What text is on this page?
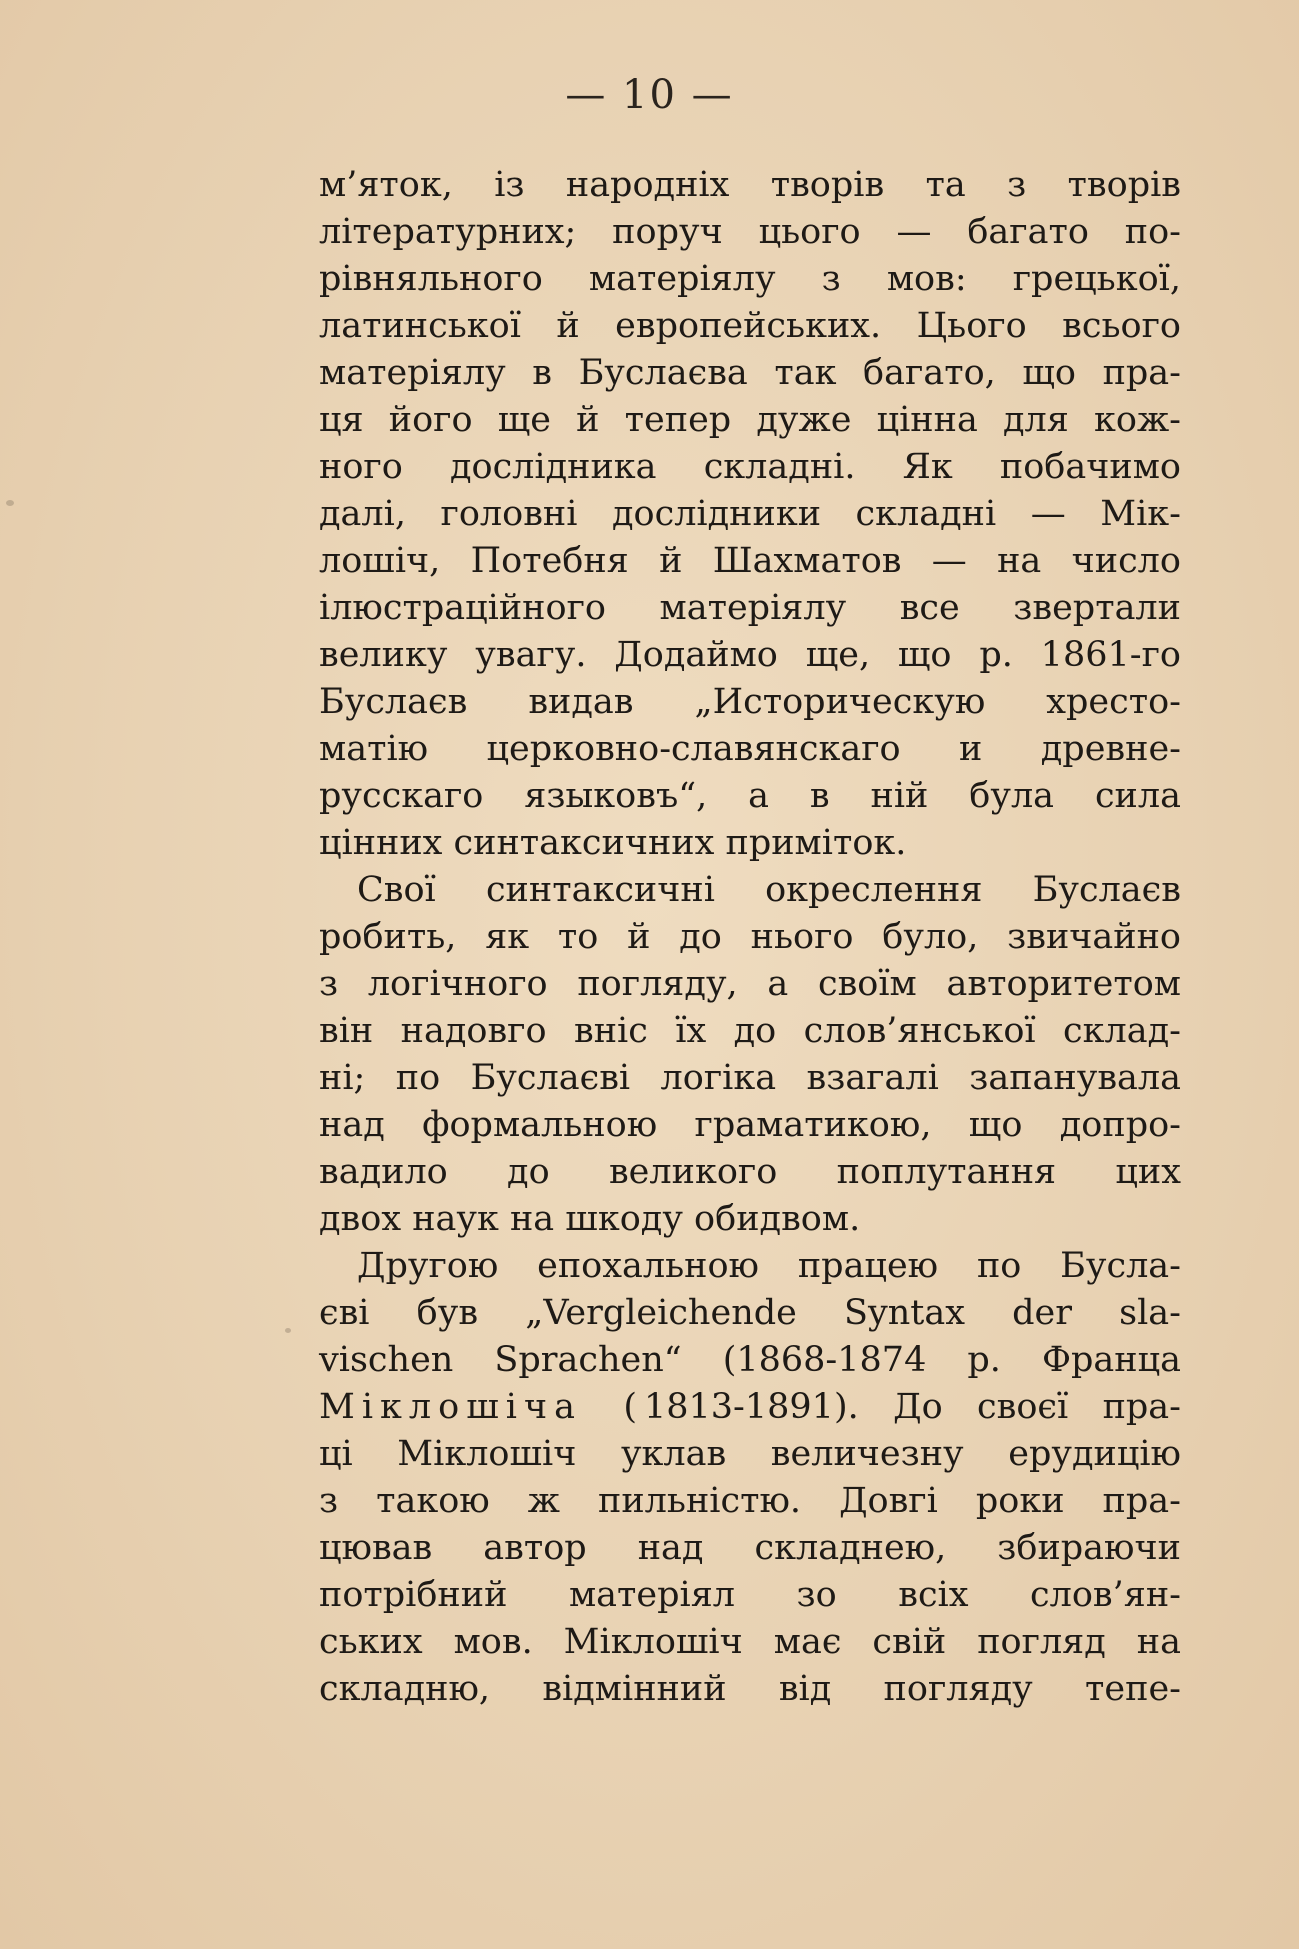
— 10 —
м’яток, із народніх творів та з творів
літературних; поруч цього — багато по-
рівняльного матеріялу з мов: грецької,
латинської й европейських. Цього всього
матеріялу в Буслаєва так багато, що пра-
ця його ще й тепер дуже цінна для кож-
ного дослідника складні. Як побачимо
далі, головні дослідники складні — Мік-
лошіч, Потебня й Шахматов — на число
ілюстраційного матеріялу все звертали
велику увагу. Додаймо ще, що р. 1861-го
Буслаєв видав „Историческую хресто-
матію церковно-славянскаго и древне-
русскаго языковъ“, а в ній була сила
цінних синтаксичних приміток.
Свої синтаксичні окреслення Буслаєв
робить, як то й до нього було, звичайно
з логічного погляду, а своїм авторитетом
він надовго вніс їх до слов’янської склад-
ні; по Буслаєві логіка взагалі запанувала
над формальною граматикою, що допро-
вадило до великого поплутання цих
двох наук на шкоду обидвом.
Другою епохальною працею по Бусла-
єві був „Vergleichende Syntax der sla-
vischen Sprachen“ (1868-1874 р. Франца
Міклошіча (1813-1891). До своєї пра-
ці Міклошіч уклав величезну ерудицію
з такою ж пильністю. Довгі роки пра-
цював автор над складнею, збираючи
потрібний матеріял зо всіх слов’ян-
ських мов. Міклошіч має свій погляд на
складню, відмінний від погляду тепе-
